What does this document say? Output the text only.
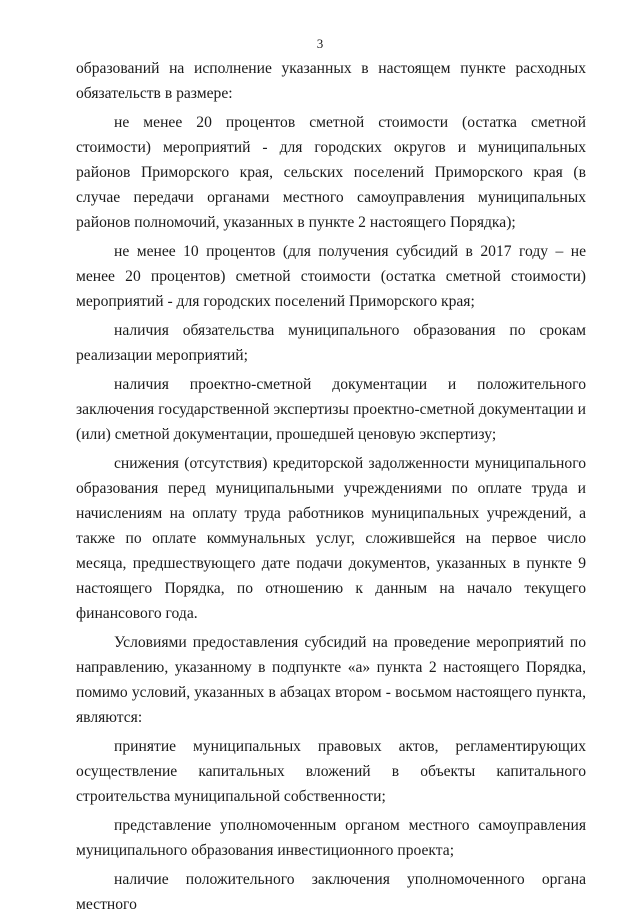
3

образований на исполнение указанных в настоящем пункте расходных обязательств в размере:

не менее 20 процентов сметной стоимости (остатка сметной стоимости) мероприятий - для городских округов и муниципальных районов Приморского края, сельских поселений Приморского края (в случае передачи органами местного самоуправления муниципальных районов полномочий, указанных в пункте 2 настоящего Порядка);

не менее 10 процентов (для получения субсидий в 2017 году – не менее 20 процентов) сметной стоимости (остатка сметной стоимости) мероприятий - для городских поселений Приморского края;

наличия обязательства муниципального образования по срокам реализации мероприятий;

наличия проектно-сметной документации и положительного заключения государственной экспертизы проектно-сметной документации и (или) сметной документации, прошедшей ценовую экспертизу;

снижения (отсутствия) кредиторской задолженности муниципального образования перед муниципальными учреждениями по оплате труда и начислениям на оплату труда работников муниципальных учреждений, а также по оплате коммунальных услуг, сложившейся на первое число месяца, предшествующего дате подачи документов, указанных в пункте 9 настоящего Порядка, по отношению к данным на начало текущего финансового года.

Условиями предоставления субсидий на проведение мероприятий по направлению, указанному в подпункте «а» пункта 2 настоящего Порядка, помимо условий, указанных в абзацах втором - восьмом настоящего пункта, являются:

принятие муниципальных правовых актов, регламентирующих осуществление капитальных вложений в объекты капитального строительства муниципальной собственности;

представление уполномоченным органом местного самоуправления муниципального образования инвестиционного проекта;

наличие положительного заключения уполномоченного органа местного
